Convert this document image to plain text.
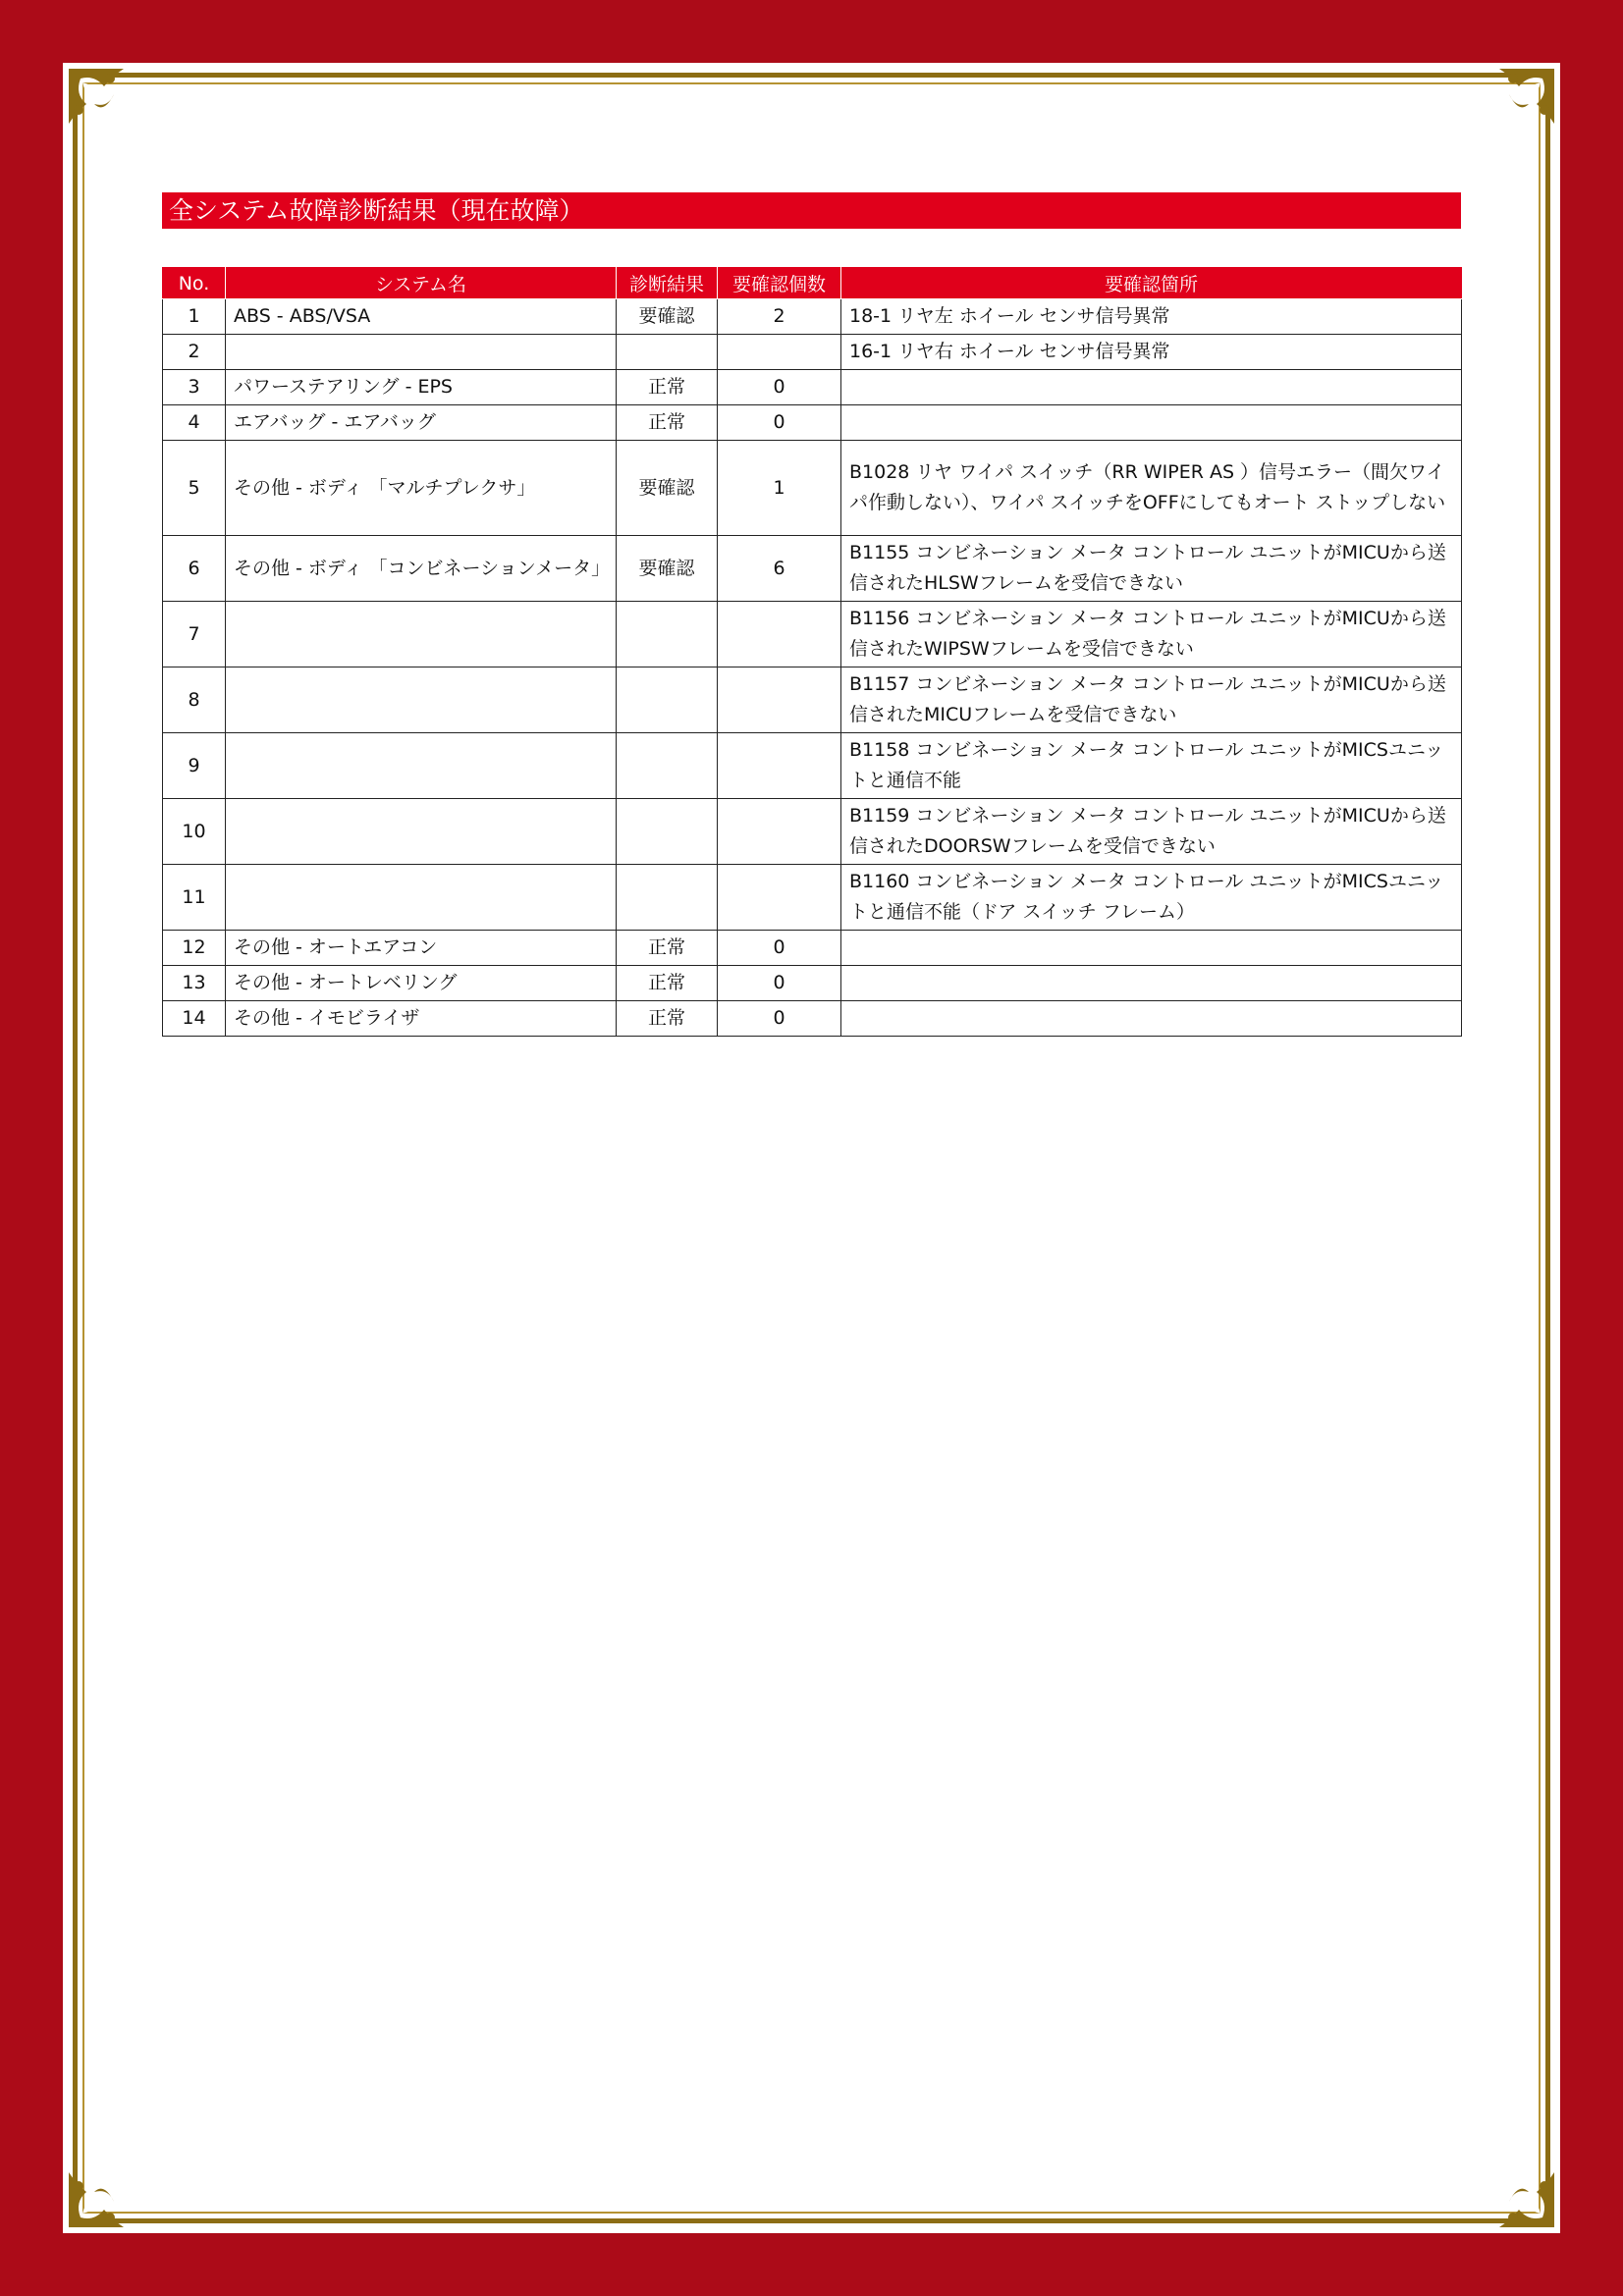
全システム故障診断結果（現在故障）
No.	システム名	診断結果	要確認個数	要確認箇所
1	ABS - ABS/VSA	要確認	2	18-1 リヤ左 ホイール センサ信号異常
2				16-1 リヤ右 ホイール センサ信号異常
3	パワーステアリング - EPS	正常	0	
4	エアバッグ - エアバッグ	正常	0	
5	その他 - ボディ 「マルチプレクサ」	要確認	1	B1028 リヤ ワイパ スイッチ（RR WIPER AS ）信号エラー（間欠ワイパ作動しない）、ワイパ スイッチをOFFにしてもオート ストップしない
6	その他 - ボディ 「コンビネーションメータ」	要確認	6	B1155 コンビネーション メータ コントロール ユニットがMICUから送信されたHLSWフレームを受信できない
7				B1156 コンビネーション メータ コントロール ユニットがMICUから送信されたWIPSWフレームを受信できない
8				B1157 コンビネーション メータ コントロール ユニットがMICUから送信されたMICUフレームを受信できない
9				B1158 コンビネーション メータ コントロール ユニットがMICSユニットと通信不能
10				B1159 コンビネーション メータ コントロール ユニットがMICUから送信されたDOORSWフレームを受信できない
11				B1160 コンビネーション メータ コントロール ユニットがMICSユニットと通信不能（ドア スイッチ フレーム）
12	その他 - オートエアコン	正常	0	
13	その他 - オートレベリング	正常	0	
14	その他 - イモビライザ	正常	0	
